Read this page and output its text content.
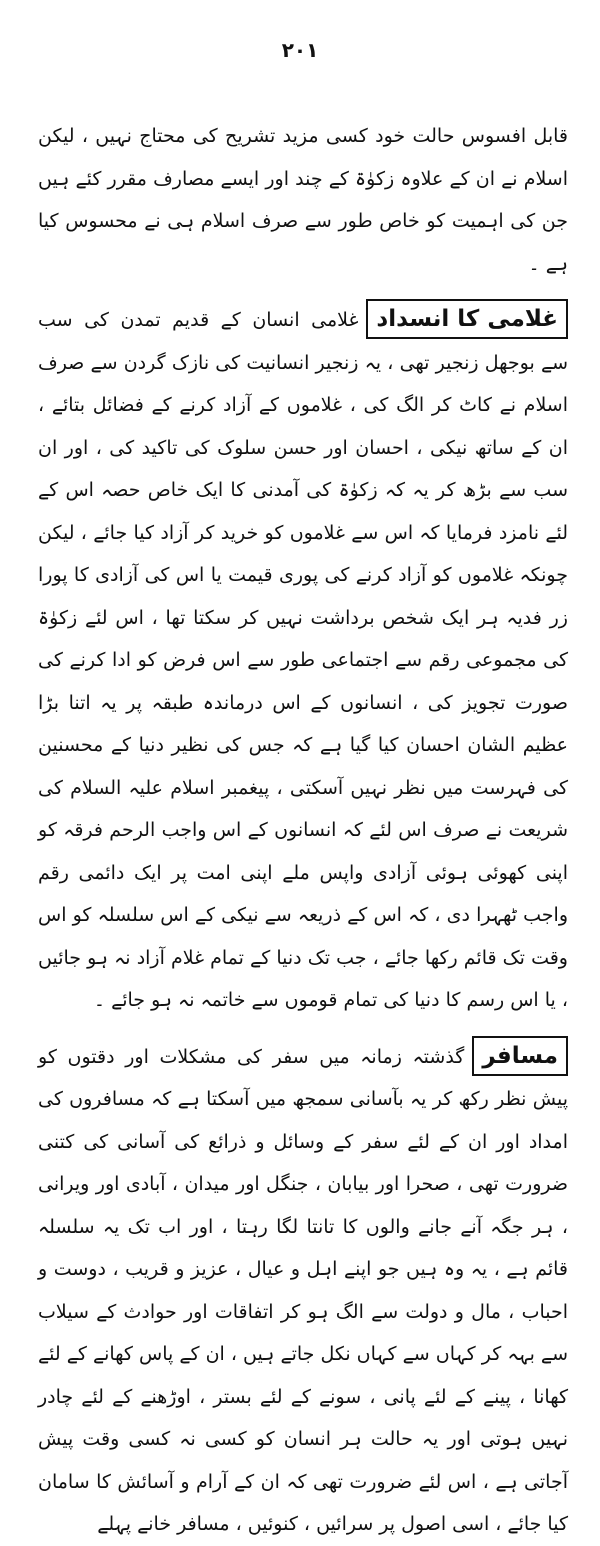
۲۰۱

قابل افسوس حالت خود کسی مزید تشریح کی محتاج نہیں ، لیکن اسلام نے ان کے علاوہ زکوٰۃ کے چند اور ایسے مصارف مقرر کئے ہیں جن کی اہمیت کو خاص طور سے صرف اسلام ہی نے محسوس کیا ہے ۔

غلامی کا انسدادغلامی انسان کے قدیم تمدن کی سب سے بوجھل زنجیر تھی ، یہ زنجیر انسانیت کی نازک گردن سے صرف اسلام نے کاٹ کر الگ کی ، غلاموں کے آزاد کرنے کے فضائل بتائے ، ان کے ساتھ نیکی ، احسان اور حسن سلوک کی تاکید کی ، اور ان سب سے بڑھ کر یہ کہ زکوٰۃ کی آمدنی کا ایک خاص حصہ اس کے لئے نامزد فرمایا کہ اس سے غلاموں کو خرید کر آزاد کیا جائے ، لیکن چونکہ غلاموں کو آزاد کرنے کی پوری قیمت یا اس کی آزادی کا پورا زر فدیہ ہر ایک شخص برداشت نہیں کر سکتا تھا ، اس لئے زکوٰۃ کی مجموعی رقم سے اجتماعی طور سے اس فرض کو ادا کرنے کی صورت تجویز کی ، انسانوں کے اس درماندہ طبقہ پر یہ اتنا بڑا عظیم الشان احسان کیا گیا ہے کہ جس کی نظیر دنیا کے محسنین کی فہرست میں نظر نہیں آسکتی ، پیغمبر اسلام علیہ السلام کی شریعت نے صرف اس لئے کہ انسانوں کے اس واجب الرحم فرقہ کو اپنی کھوئی ہوئی آزادی واپس ملے اپنی امت پر ایک دائمی رقم واجب ٹھہرا دی ، کہ اس کے ذریعہ سے نیکی کے اس سلسلہ کو اس وقت تک قائم رکھا جائے ، جب تک دنیا کے تمام غلام آزاد نہ ہو جائیں ، یا اس رسم کا دنیا کی تمام قوموں سے خاتمہ نہ ہو جائے ۔

مسافرگذشتہ زمانہ میں سفر کی مشکلات اور دقتوں کو پیش نظر رکھ کر یہ بآسانی سمجھ میں آسکتا ہے کہ مسافروں کی امداد اور ان کے لئے سفر کے وسائل و ذرائع کی آسانی کی کتنی ضرورت تھی ، صحرا اور بیابان ، جنگل اور میدان ، آبادی اور ویرانی ، ہر جگہ آنے جانے والوں کا تانتا لگا رہتا ، اور اب تک یہ سلسلہ قائم ہے ، یہ وہ ہیں جو اپنے اہل و عیال ، عزیز و قریب ، دوست و احباب ، مال و دولت سے الگ ہو کر اتفاقات اور حوادث کے سیلاب سے بہہ کر کہاں سے کہاں نکل جاتے ہیں ، ان کے پاس کھانے کے لئے کھانا ، پینے کے لئے پانی ، سونے کے لئے بستر ، اوڑھنے کے لئے چادر نہیں ہوتی اور یہ حالت ہر انسان کو کسی نہ کسی وقت پیش آجاتی ہے ، اس لئے ضرورت تھی کہ ان کے آرام و آسائش کا سامان کیا جائے ، اسی اصول پر سرائیں ، کنوئیں ، مسافر خانے پہلے
